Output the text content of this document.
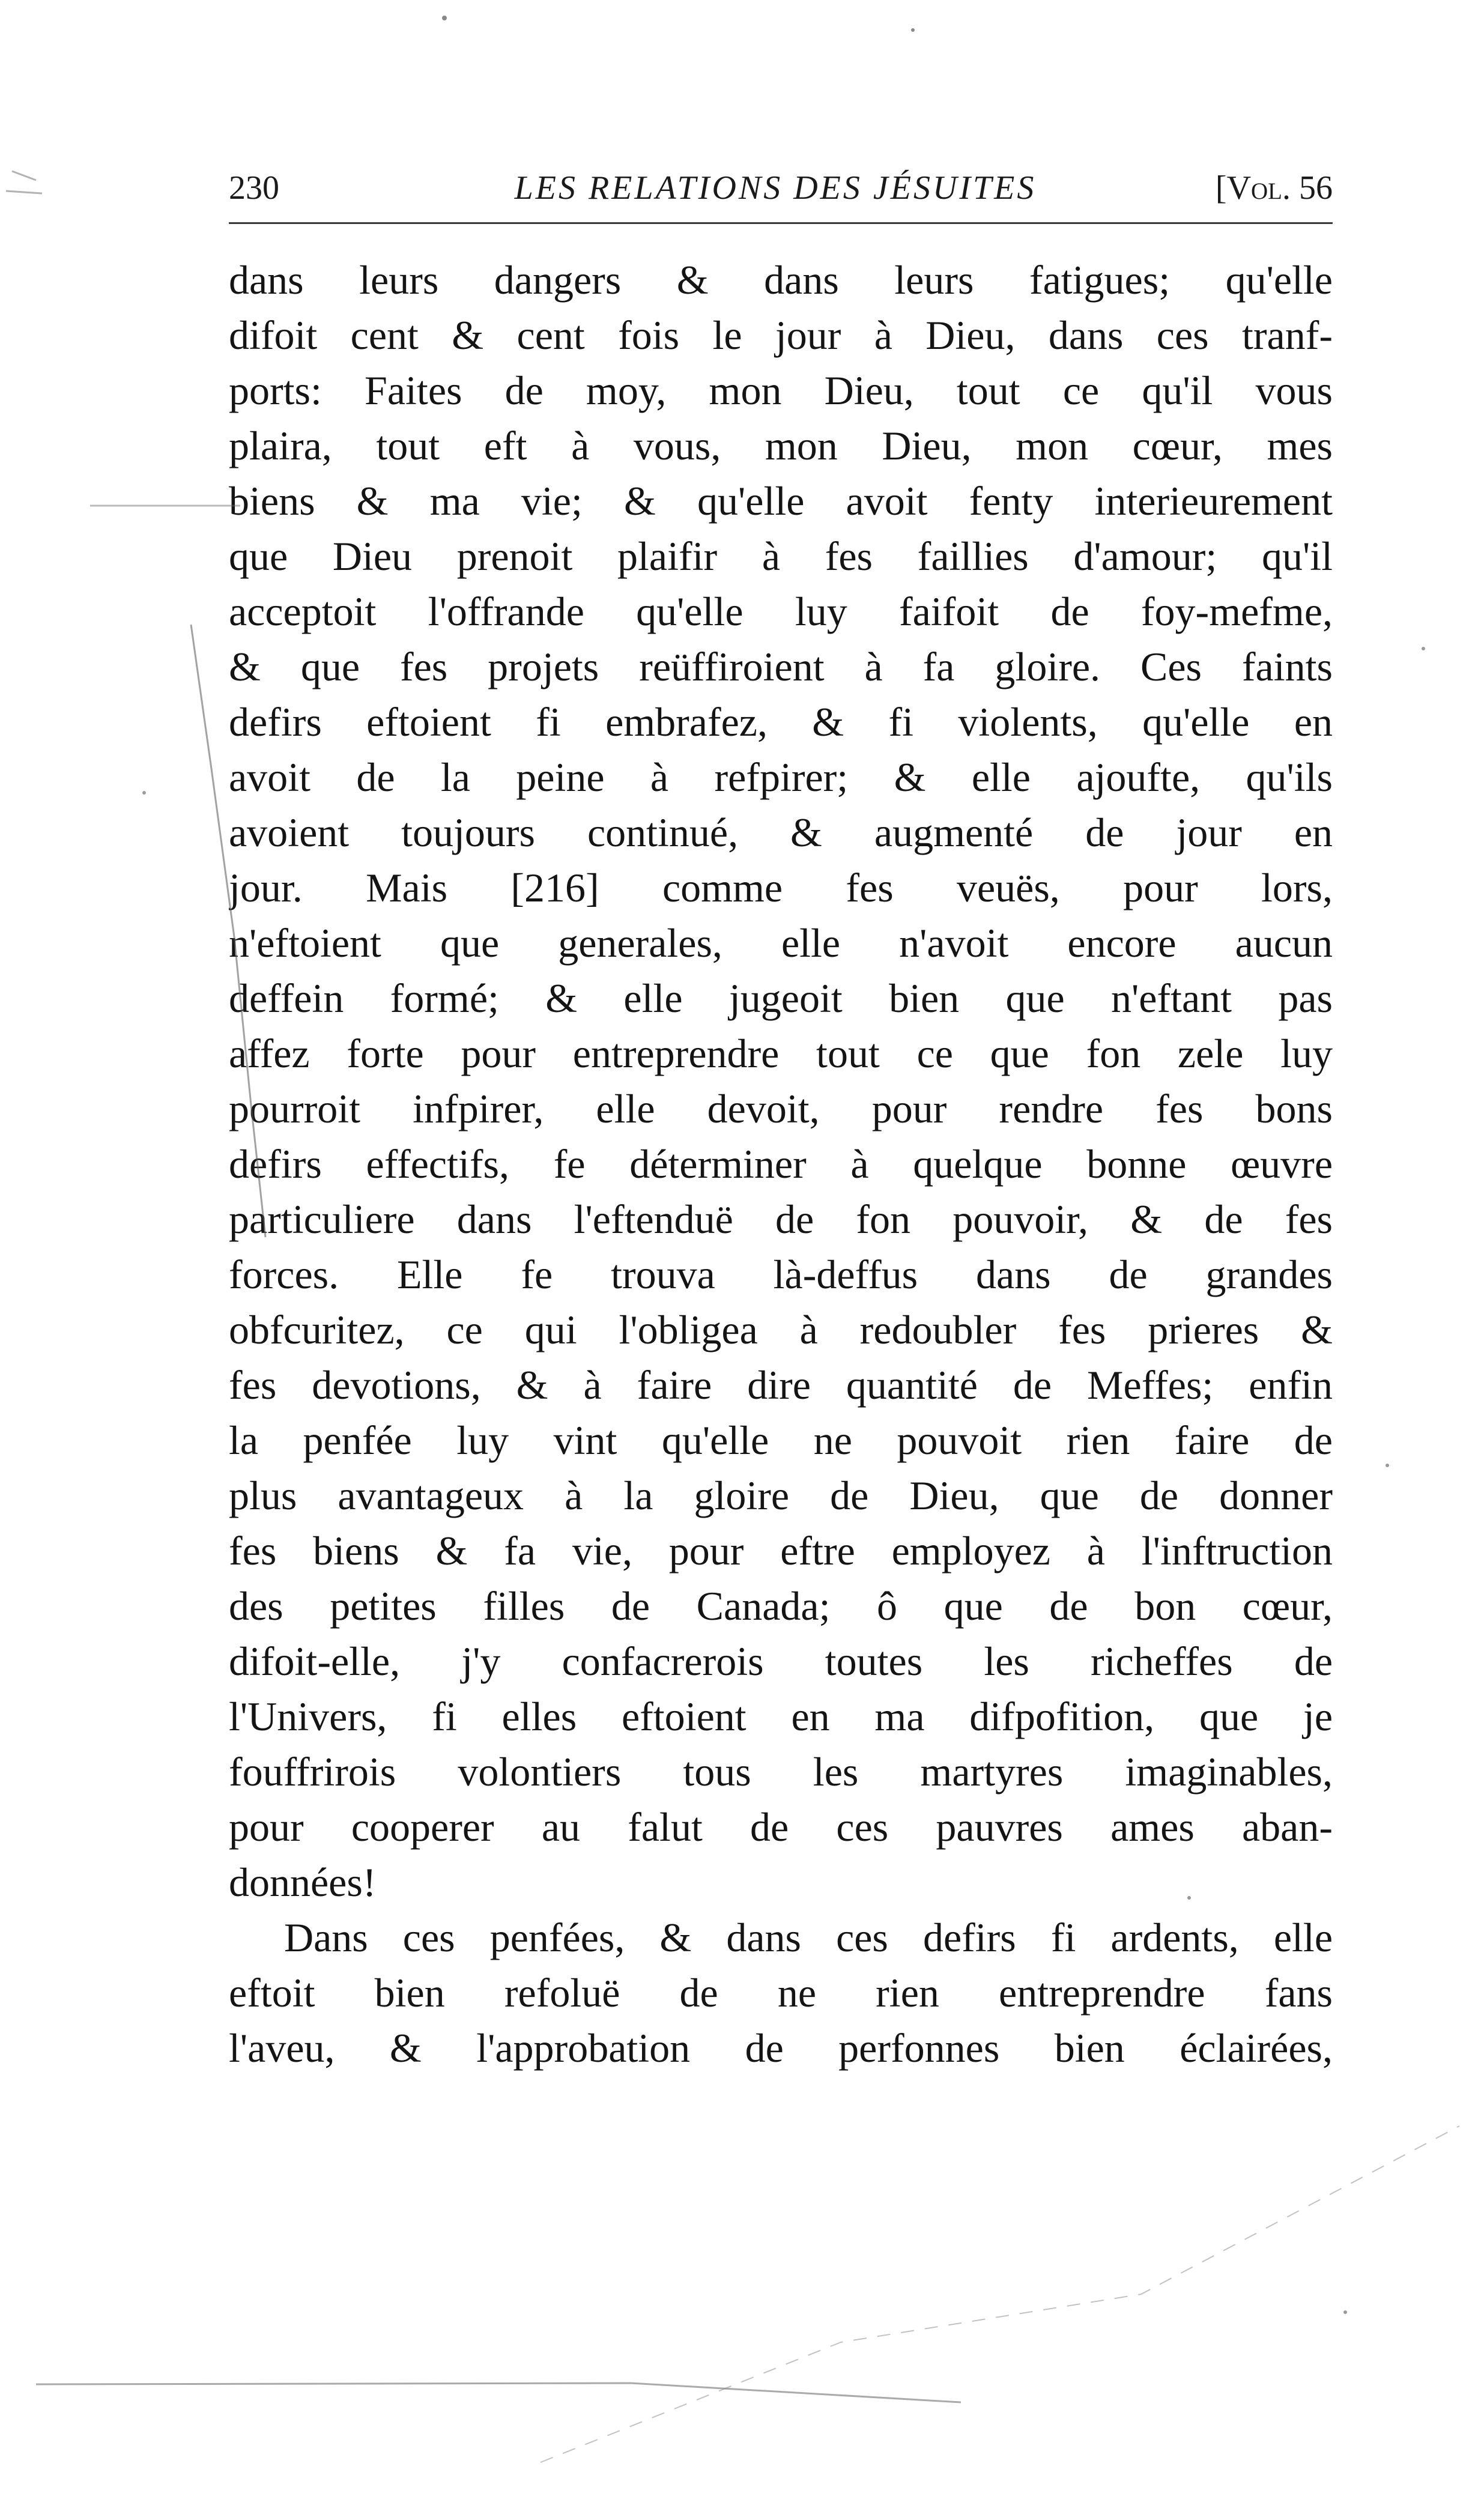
230	LES RELATIONS DES JÉSUITES	[Vol. 56
dans leurs dangers & dans leurs fatigues; qu'elle
difoit cent & cent fois le jour à Dieu, dans ces tranf-
ports: Faites de moy, mon Dieu, tout ce qu'il vous
plaira, tout eft à vous, mon Dieu, mon cœur, mes
biens & ma vie; & qu'elle avoit fenty interieurement
que Dieu prenoit plaifir à fes faillies d'amour; qu'il
acceptoit l'offrande qu'elle luy faifoit de foy-mefme,
& que fes projets reüffiroient à fa gloire. Ces faints
defirs eftoient fi embrafez, & fi violents, qu'elle en
avoit de la peine à refpirer; & elle ajoufte, qu'ils
avoient toujours continué, & augmenté de jour en
jour. Mais [216] comme fes veuës, pour lors,
n'eftoient que generales, elle n'avoit encore aucun
deffein formé; & elle jugeoit bien que n'eftant pas
affez forte pour entreprendre tout ce que fon zele luy
pourroit infpirer, elle devoit, pour rendre fes bons
defirs effectifs, fe déterminer à quelque bonne œuvre
particuliere dans l'eftenduë de fon pouvoir, & de fes
forces. Elle fe trouva là-deffus dans de grandes
obfcuritez, ce qui l'obligea à redoubler fes prieres &
fes devotions, & à faire dire quantité de Meffes; enfin
la penfée luy vint qu'elle ne pouvoit rien faire de
plus avantageux à la gloire de Dieu, que de donner
fes biens & fa vie, pour eftre employez à l'inftruction
des petites filles de Canada; ô que de bon cœur,
difoit-elle, j'y confacrerois toutes les richeffes de
l'Univers, fi elles eftoient en ma difpofition, que je
fouffrirois volontiers tous les martyres imaginables,
pour cooperer au falut de ces pauvres ames aban-
données!
Dans ces penfées, & dans ces defirs fi ardents, elle
eftoit bien refoluë de ne rien entreprendre fans
l'aveu, & l'approbation de perfonnes bien éclairées,
